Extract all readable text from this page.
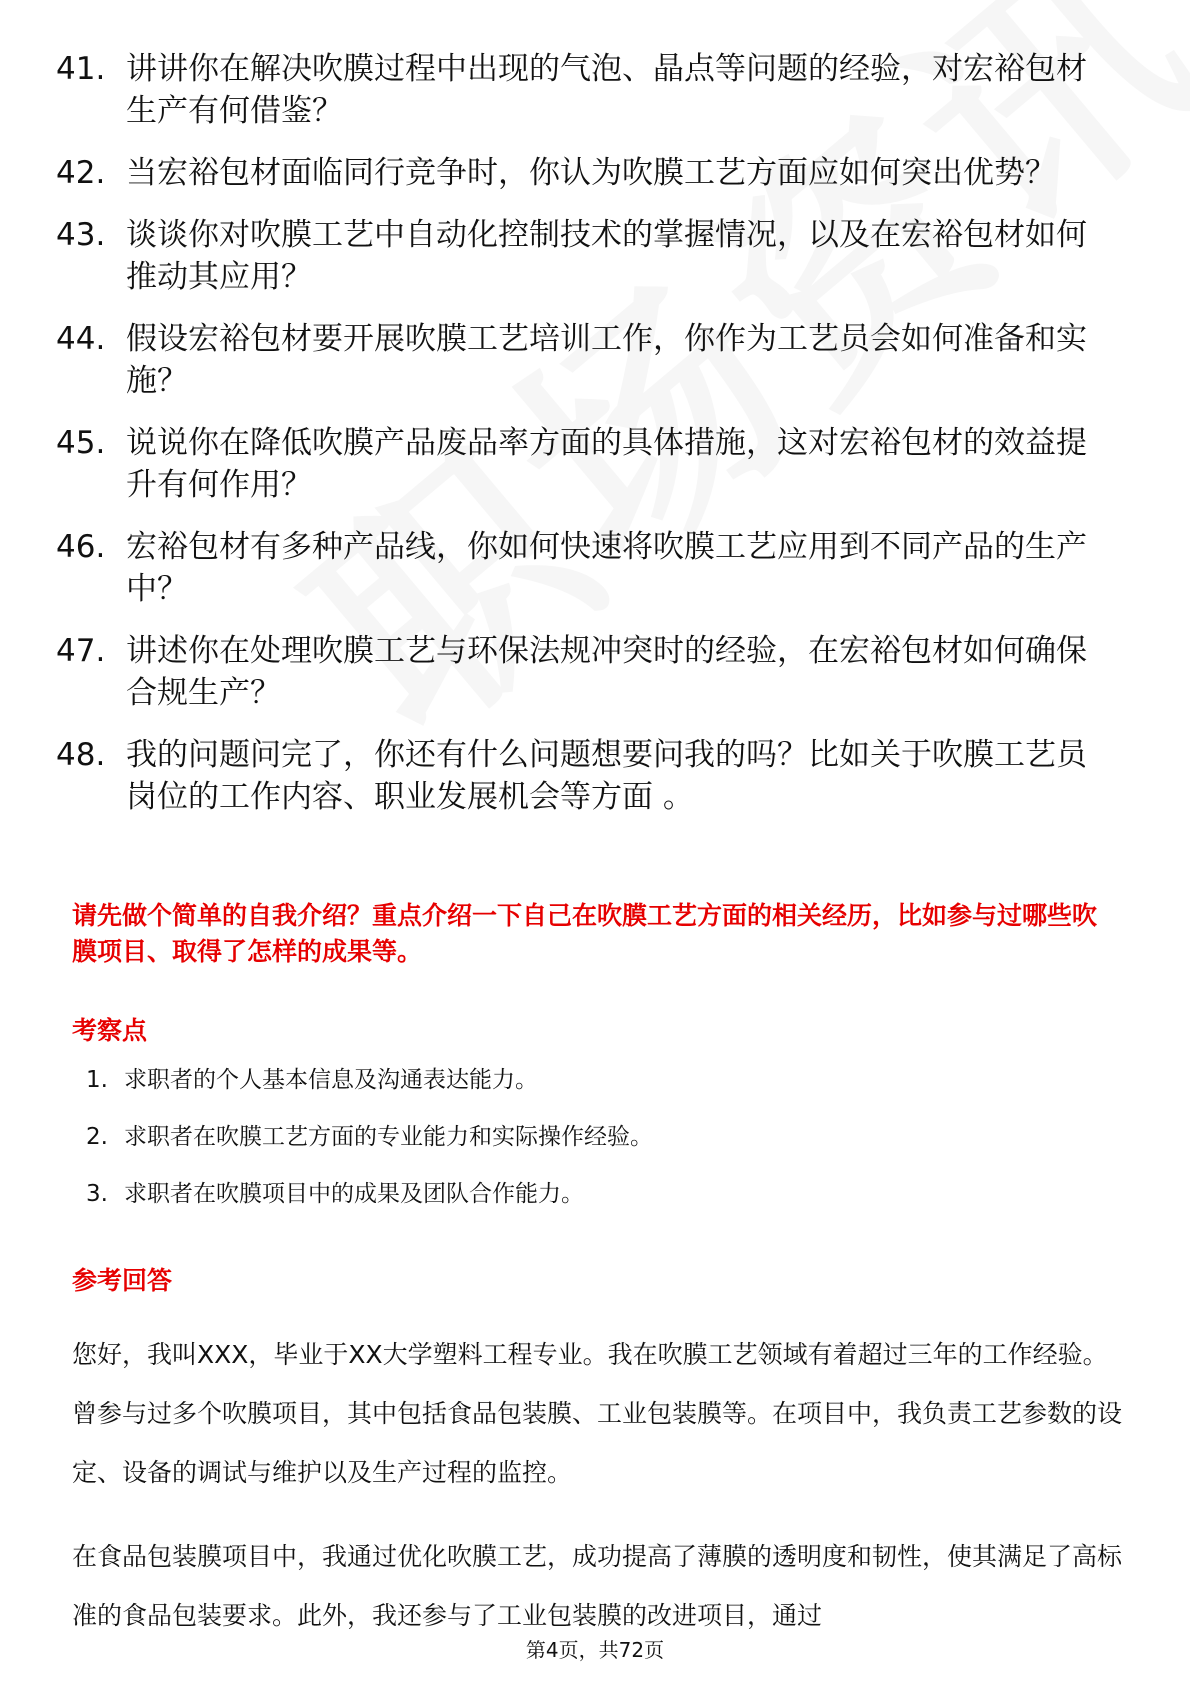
41. 讲讲你在解决吹膜过程中出现的气泡、晶点等问题的经验，对宏裕包材生产有何借鉴？
42. 当宏裕包材面临同行竞争时，你认为吹膜工艺方面应如何突出优势？
43. 谈谈你对吹膜工艺中自动化控制技术的掌握情况，以及在宏裕包材如何推动其应用？
44. 假设宏裕包材要开展吹膜工艺培训工作，你作为工艺员会如何准备和实施？
45. 说说你在降低吹膜产品废品率方面的具体措施，这对宏裕包材的效益提升有何作用？
46. 宏裕包材有多种产品线，你如何快速将吹膜工艺应用到不同产品的生产中？
47. 讲述你在处理吹膜工艺与环保法规冲突时的经验，在宏裕包材如何确保合规生产？
48. 我的问题问完了，你还有什么问题想要问我的吗？比如关于吹膜工艺员岗位的工作内容、职业发展机会等方面 。

请先做个简单的自我介绍？重点介绍一下自己在吹膜工艺方面的相关经历，比如参与过哪些吹膜项目、取得了怎样的成果等。

考察点
1. 求职者的个人基本信息及沟通表达能力。
2. 求职者在吹膜工艺方面的专业能力和实际操作经验。
3. 求职者在吹膜项目中的成果及团队合作能力。
参考回答

您好，我叫XXX，毕业于XX大学塑料工程专业。我在吹膜工艺领域有着超过三年的工作经验。曾参与过多个吹膜项目，其中包括食品包装膜、工业包装膜等。在项目中，我负责工艺参数的设定、设备的调试与维护以及生产过程的监控。

在食品包装膜项目中，我通过优化吹膜工艺，成功提高了薄膜的透明度和韧性，使其满足了高标准的食品包装要求。此外，我还参与了工业包装膜的改进项目，通过

第4页，共72页
